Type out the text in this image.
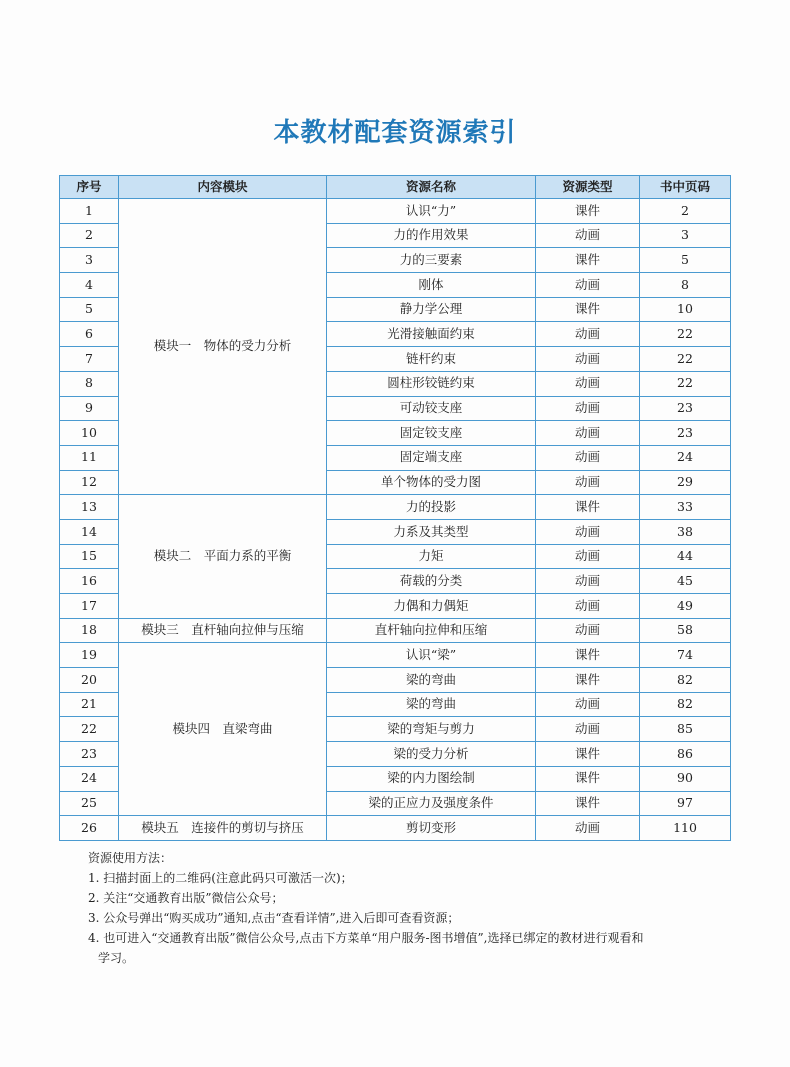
本教材配套资源索引
序号	内容模块	资源名称	资源类型	书中页码
1	模块一　物体的受力分析	认识“力”	课件	2
2		力的作用效果	动画	3
3		力的三要素	课件	5
4		刚体	动画	8
5		静力学公理	课件	10
6		光滑接触面约束	动画	22
7		链杆约束	动画	22
8		圆柱形铰链约束	动画	22
9		可动铰支座	动画	23
10		固定铰支座	动画	23
11		固定端支座	动画	24
12		单个物体的受力图	动画	29
13	模块二　平面力系的平衡	力的投影	课件	33
14		力系及其类型	动画	38
15		力矩	动画	44
16		荷载的分类	动画	45
17		力偶和力偶矩	动画	49
18	模块三　直杆轴向拉伸与压缩	直杆轴向拉伸和压缩	动画	58
19	模块四　直梁弯曲	认识“梁”	课件	74
20		梁的弯曲	课件	82
21		梁的弯曲	动画	82
22		梁的弯矩与剪力	动画	85
23		梁的受力分析	课件	86
24		梁的内力图绘制	课件	90
25		梁的正应力及强度条件	课件	97
26	模块五　连接件的剪切与挤压	剪切变形	动画	110
资源使用方法：
1. 扫描封面上的二维码(注意此码只可激活一次)；
2. 关注“交通教育出版”微信公众号；
3. 公众号弹出“购买成功”通知,点击“查看详情”,进入后即可查看资源；
4. 也可进入“交通教育出版”微信公众号,点击下方菜单“用户服务-图书增值”,选择已绑定的教材进行观看和
学习。
